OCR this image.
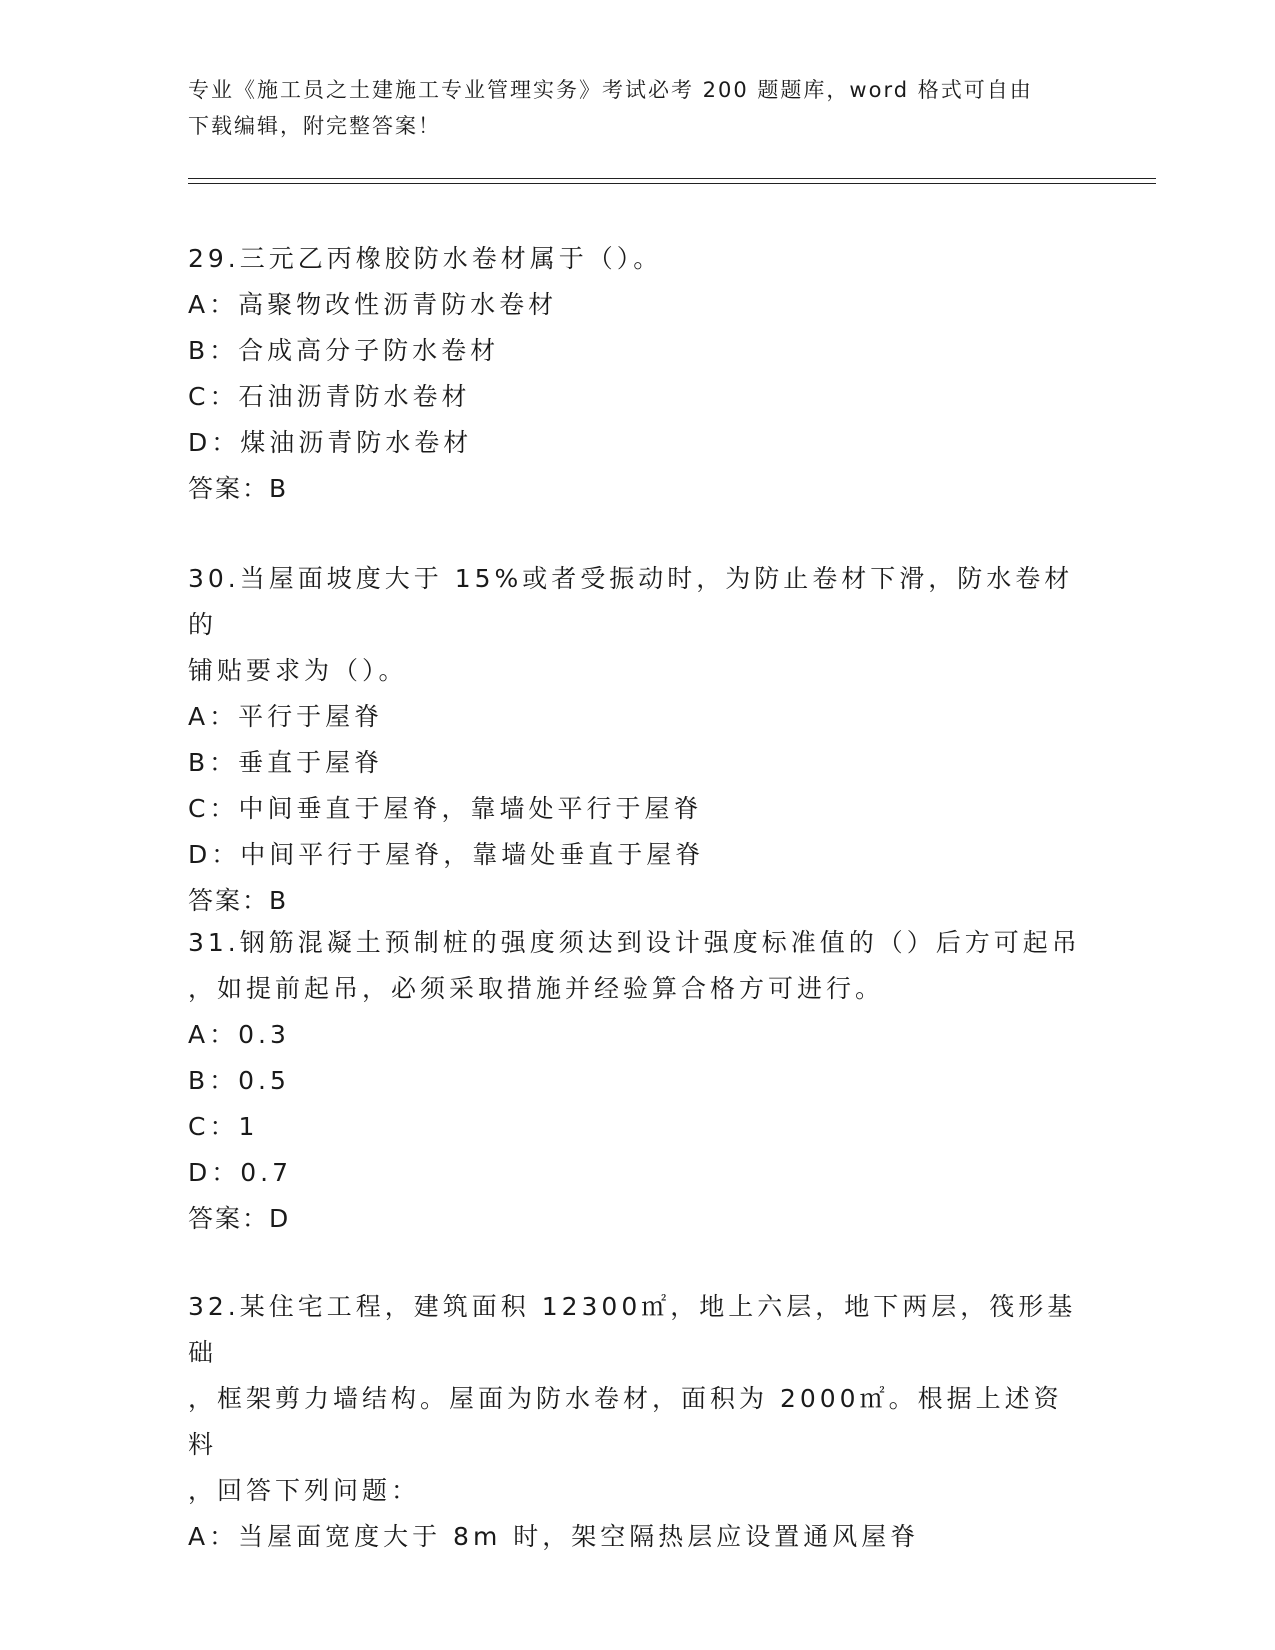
专业《施工员之土建施工专业管理实务》考试必考 200 题题库，word 格式可自由
下载编辑，附完整答案！
29.三元乙丙橡胶防水卷材属于（）。
A：高聚物改性沥青防水卷材
B：合成高分子防水卷材
C：石油沥青防水卷材
D：煤油沥青防水卷材
答案：B
30.当屋面坡度大于 15%或者受振动时，为防止卷材下滑，防水卷材的
铺贴要求为（）。
A：平行于屋脊
B：垂直于屋脊
C：中间垂直于屋脊，靠墙处平行于屋脊
D：中间平行于屋脊，靠墙处垂直于屋脊
答案：B
31.钢筋混凝土预制桩的强度须达到设计强度标准值的（）后方可起吊
，如提前起吊，必须采取措施并经验算合格方可进行。
A：0.3
B：0.5
C：1
D：0.7
答案：D
32.某住宅工程，建筑面积 12300㎡，地上六层，地下两层，筏形基础
，框架剪力墙结构。屋面为防水卷材，面积为 2000㎡。根据上述资料
，回答下列问题：
A：当屋面宽度大于 8m 时，架空隔热层应设置通风屋脊
